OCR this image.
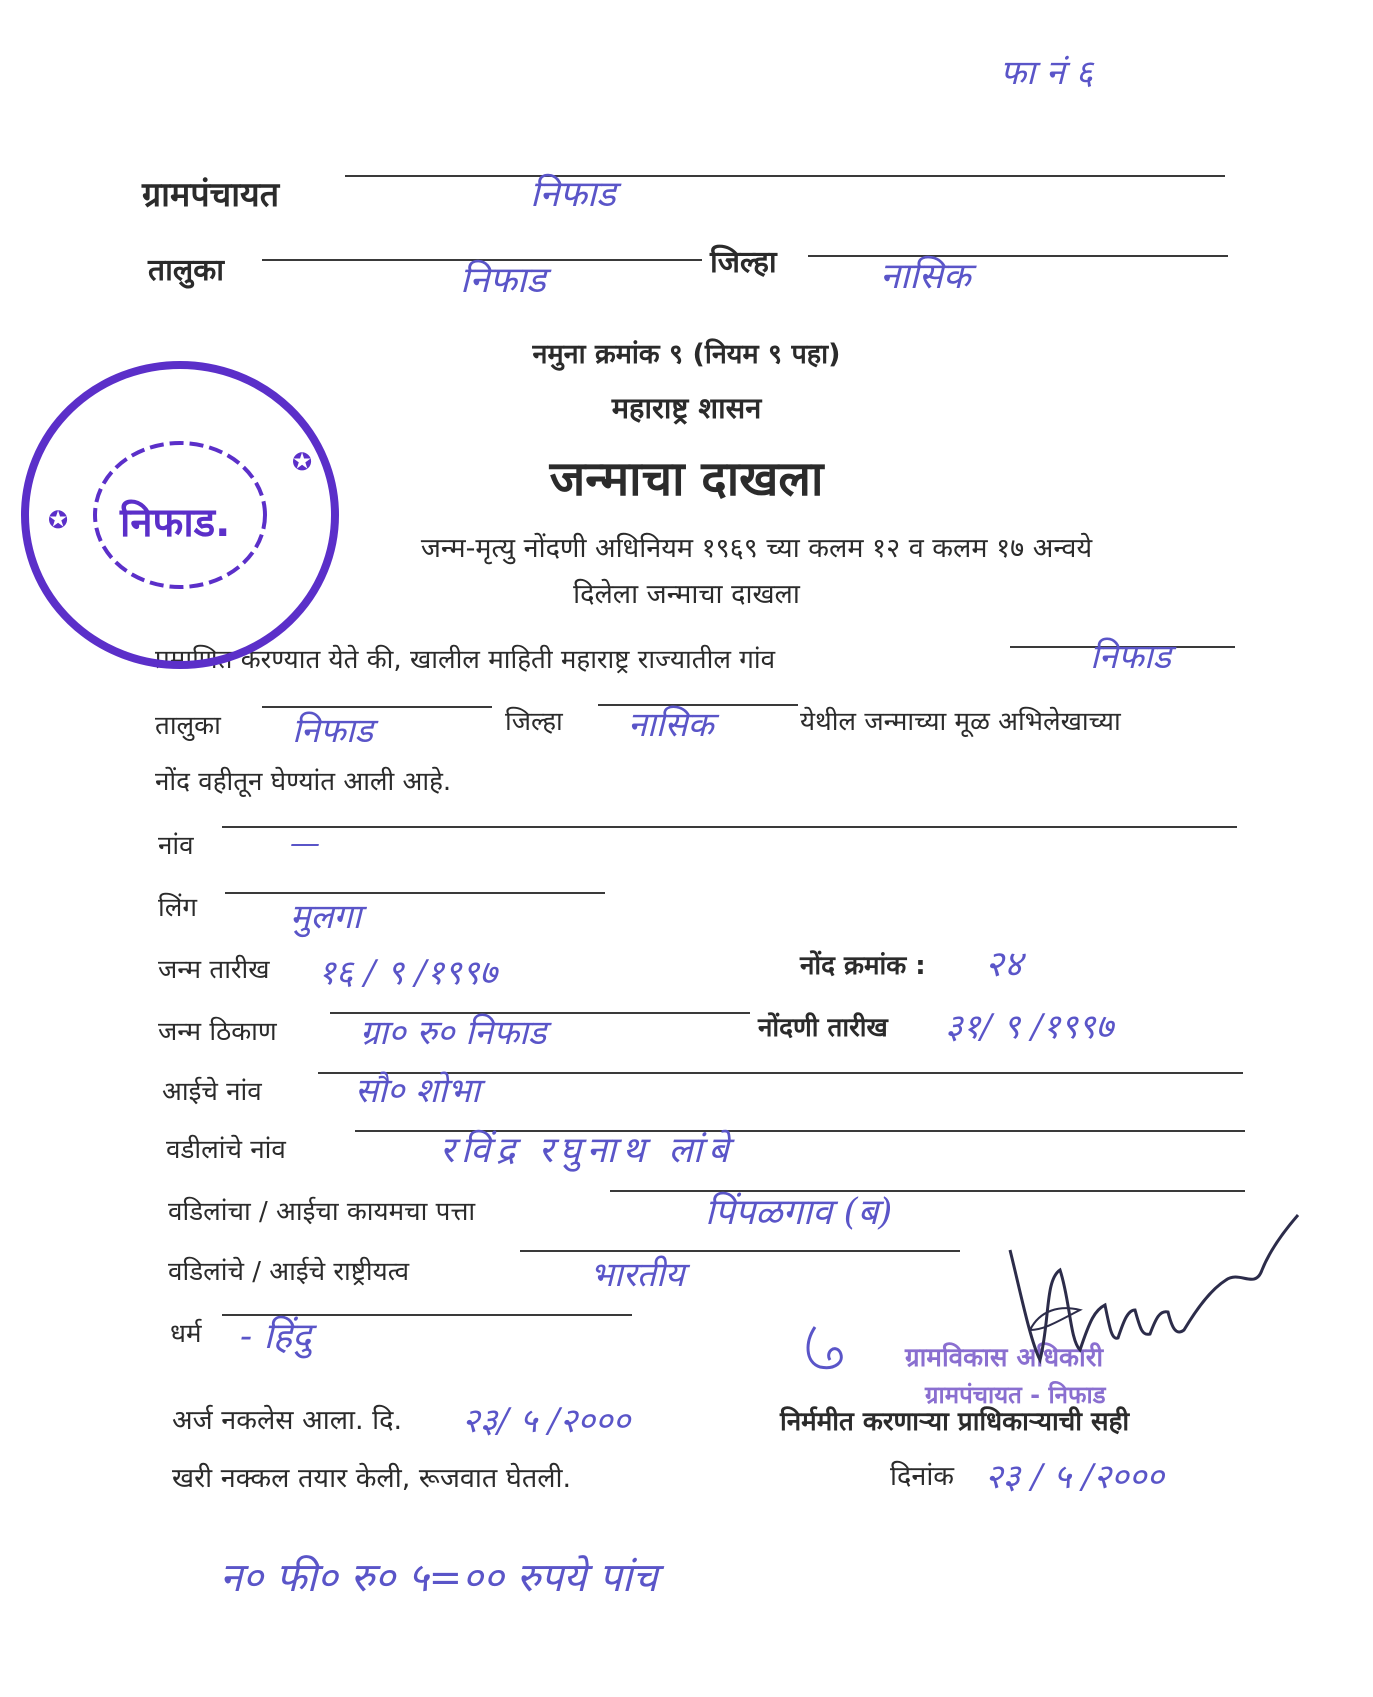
फा नं ६
ग्रामपंचायत	निफाड
तालुका	निफाड	जिल्हा	नासिक
नमुना क्रमांक ९ (नियम ९ पहा)
महाराष्ट्र शासन
जन्माचा दाखला
जन्म-मृत्यु नोंदणी अधिनियम १९६९ च्या कलम १२ व कलम १७ अन्वये
दिलेला जन्माचा दाखला
प्रमाणित करण्यात येते की, खालील माहिती महाराष्ट्र राज्यातील गांव	निफाड
तालुका निफाड	जिल्हा नासिक	येथील जन्माच्या मूळ अभिलेखाच्या
नोंद वहीतून घेण्यांत आली आहे.
नांव	—
लिंग	मुलगा
जन्म तारीख १६ / ९ /१९९७	नोंद क्रमांक : २४
जन्म ठिकाण ग्रा० रु० निफाड	नोंदणी तारीख ३१/ ९ /१९९७
आईचे नांव	सौ० शोभा
वडीलांचे नांव	रविंद्र रघुनाथ लांबे
वडिलांचा / आईचा कायमचा पत्ता	पिंपळगाव (ब)
वडिलांचे / आईचे राष्ट्रीयत्व	भारतीय
धर्म - हिंदु
अर्ज नकलेस आला. दि. २३/ ५ /२०००	निर्ममीत करणाऱ्या प्राधिकाऱ्याची सही
खरी नक्कल तयार केली, रूजवात घेतली.	दिनांक २३ / ५ /२०००
ग्रामविकास अधिकारी
ग्रामपंचायत - निफाड
न० फी० रु० ५=०० रुपये पांच
✪
✪
निफाड.
